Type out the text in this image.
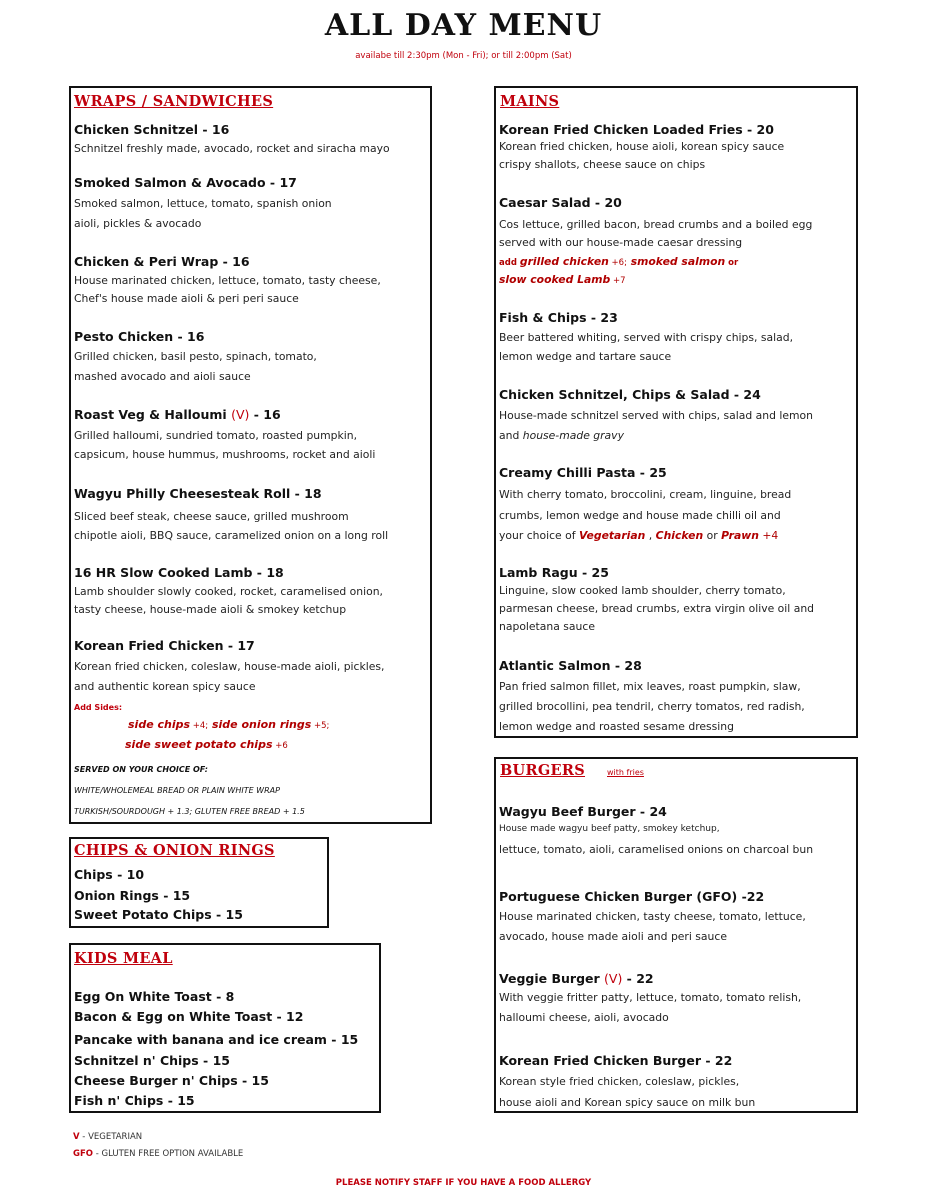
ALL DAY MENU
availabe till 2:30pm (Mon - Fri); or till 2:00pm (Sat)
WRAPS / SANDWICHES
Chicken Schnitzel - 16
Schnitzel freshly made, avocado, rocket and siracha mayo
Smoked Salmon & Avocado - 17
Smoked salmon, lettuce, tomato, spanish onion
aioli, pickles & avocado
Chicken & Peri Wrap - 16
House marinated chicken, lettuce, tomato, tasty cheese,
Chef's house made aioli & peri peri sauce
Pesto Chicken - 16
Grilled chicken, basil pesto, spinach, tomato,
mashed avocado and aioli sauce
Roast Veg & Halloumi (V) - 16
Grilled halloumi, sundried tomato, roasted pumpkin,
capsicum, house hummus, mushrooms, rocket and aioli
Wagyu Philly Cheesesteak Roll - 18
Sliced beef steak, cheese sauce, grilled mushroom
chipotle aioli, BBQ sauce, caramelized onion on a long roll
16 HR Slow Cooked Lamb - 18
Lamb shoulder slowly cooked, rocket, caramelised onion,
tasty cheese, house-made aioli & smokey ketchup
Korean Fried Chicken - 17
Korean fried chicken, coleslaw, house-made aioli, pickles,
and authentic korean spicy sauce
Add Sides:
side chips +4; side onion rings +5;
side sweet potato chips +6
SERVED ON YOUR CHOICE OF:
WHITE/WHOLEMEAL BREAD OR PLAIN WHITE WRAP
TURKISH/SOURDOUGH + 1.3; GLUTEN FREE BREAD + 1.5
CHIPS & ONION RINGS
Chips - 10
Onion Rings - 15
Sweet Potato Chips - 15
KIDS MEAL
Egg On White Toast - 8
Bacon & Egg on White Toast - 12
Pancake with banana and ice cream - 15
Schnitzel n' Chips - 15
Cheese Burger n' Chips - 15
Fish n' Chips - 15
V - VEGETARIAN
GFO - GLUTEN FREE OPTION AVAILABLE
MAINS
Korean Fried Chicken Loaded Fries - 20
Korean fried chicken, house aioli, korean spicy sauce
crispy shallots, cheese sauce on chips
Caesar Salad - 20
Cos lettuce, grilled bacon, bread crumbs and a boiled egg
served with our house-made caesar dressing
add grilled chicken +6; smoked salmon or
slow cooked Lamb +7
Fish & Chips - 23
Beer battered whiting, served with crispy chips, salad,
lemon wedge and tartare sauce
Chicken Schnitzel, Chips & Salad - 24
House-made schnitzel served with chips, salad and lemon
and house-made gravy
Creamy Chilli Pasta - 25
With cherry tomato, broccolini, cream, linguine, bread
crumbs, lemon wedge and house made chilli oil and
your choice of Vegetarian , Chicken or Prawn +4
Lamb Ragu - 25
Linguine, slow cooked lamb shoulder, cherry tomato,
parmesan cheese, bread crumbs, extra virgin olive oil and
napoletana sauce
Atlantic Salmon - 28
Pan fried salmon fillet, mix leaves, roast pumpkin, slaw,
grilled brocollini, pea tendril, cherry tomatos, red radish,
lemon wedge and roasted sesame dressing
BURGERS	with fries
Wagyu Beef Burger - 24
House made wagyu beef patty, smokey ketchup,
lettuce, tomato, aioli, caramelised onions on charcoal bun
Portuguese Chicken Burger (GFO) -22
House marinated chicken, tasty cheese, tomato, lettuce,
avocado, house made aioli and peri sauce
Veggie Burger (V) - 22
With veggie fritter patty, lettuce, tomato, tomato relish,
halloumi cheese, aioli, avocado
Korean Fried Chicken Burger - 22
Korean style fried chicken, coleslaw, pickles,
house aioli and Korean spicy sauce on milk bun
PLEASE NOTIFY STAFF IF YOU HAVE A FOOD ALLERGY
